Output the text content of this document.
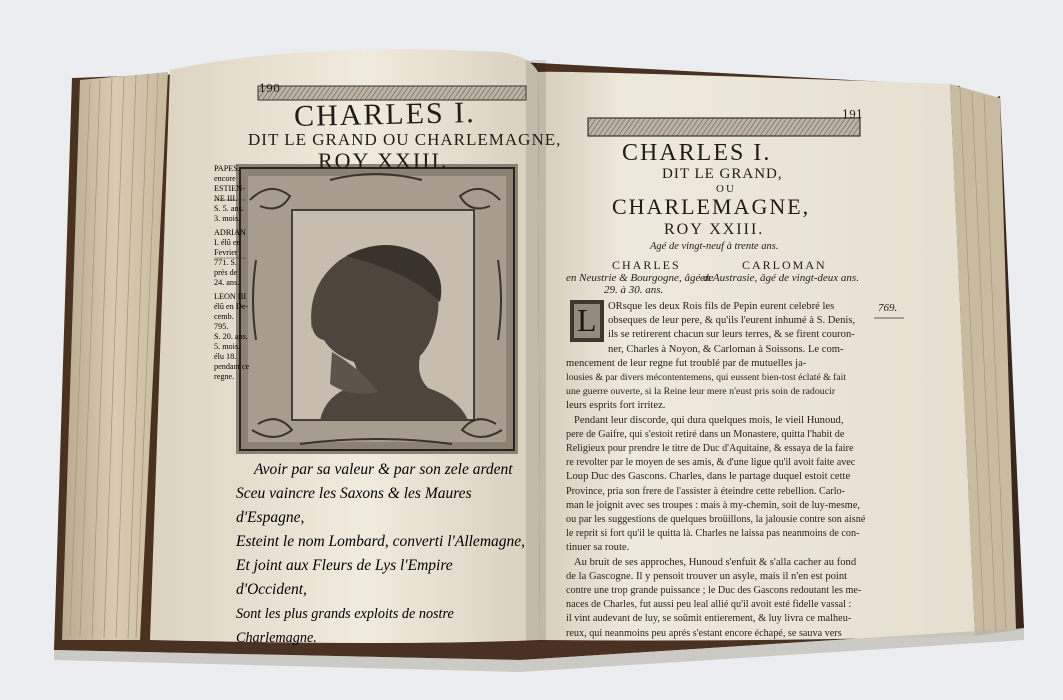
190
CHARLES I.
DIT LE GRAND OU CHARLEMAGNE,
ROY XXIII.
PAPES.
encore
ESTIEN-
NE III.
S. 5. ans.
3. mois.
ADRIAN
I. élû en
Fevrier
771. S.
près de
24. ans.
LEON III
élû en De-
cemb. 795.
S. 20. ans.
5. mois.
élu 18.
pendant ce
regne.
Avoir par sa valeur & par son zele ardent
Sceu vaincre les Saxons & les Maures d'Espagne,
Esteint le nom Lombard, converti l'Allemagne,
Et joint aux Fleurs de Lys l'Empire d'Occident,
Sont les plus grands exploits de nostre Charlemagne.
191
CHARLES I.
DIT LE GRAND,
OU
CHARLEMAGNE,
ROY XXIII.
Agé de vingt-neuf à trente ans.
CHARLES
en Neustrie & Bourgogne, âgé de
29. à 30. ans.
CARLOMAN
en Austrasie, âgé de vingt-deux ans.
769.
L	ORsque les deux Rois fils de Pepin eurent celebré les
obseques de leur pere, & qu'ils l'eurent inhumé à S. Denis,
ils se retirerent chacun sur leurs terres, & se firent couron-
ner, Charles à Noyon, & Carloman à Soissons. Le com-
mencement de leur regne fut troublé par de mutuelles ja-
lousies & par divers mécontentemens, qui eussent bien-tost éclaté & fait
une guerre ouverte, si la Reine leur mere n'eust pris soin de radoucir
leurs esprits fort irritez.
Pendant leur discorde, qui dura quelques mois, le vieil Hunoud,
pere de Gaifre, qui s'estoit retiré dans un Monastere, quitta l'habit de
Religieux pour prendre le titre de Duc d'Aquitaine, & essaya de la faire
re revolter par le moyen de ses amis, & d'une ligue qu'il avoit faite avec
Loup Duc des Gascons. Charles, dans le partage duquel estoit cette
Province, pria son frere de l'assister à éteindre cette rebellion. Carlo-
man le joignit avec ses troupes : mais à my-chemin, soit de luy-mesme,
ou par les suggestions de quelques broüillons, la jalousie contre son aisné
le reprit si fort qu'il le quitta là. Charles ne laissa pas neanmoins de con-
tinuer sa route.
Au bruit de ses approches, Hunoud s'enfuit & s'alla cacher au fond
de la Gascogne. Il y pensoit trouver un asyle, mais il n'en est point
contre une trop grande puissance ; le Duc des Gascons redoutant les me-
naces de Charles, fut aussi peu leal allié qu'il avoit esté fidelle vassal :
il vint audevant de luy, se soûmit entierement, & luy livra ce malheu-
reux, qui neanmoins peu aprés s'estant encore échapé, se sauva vers
